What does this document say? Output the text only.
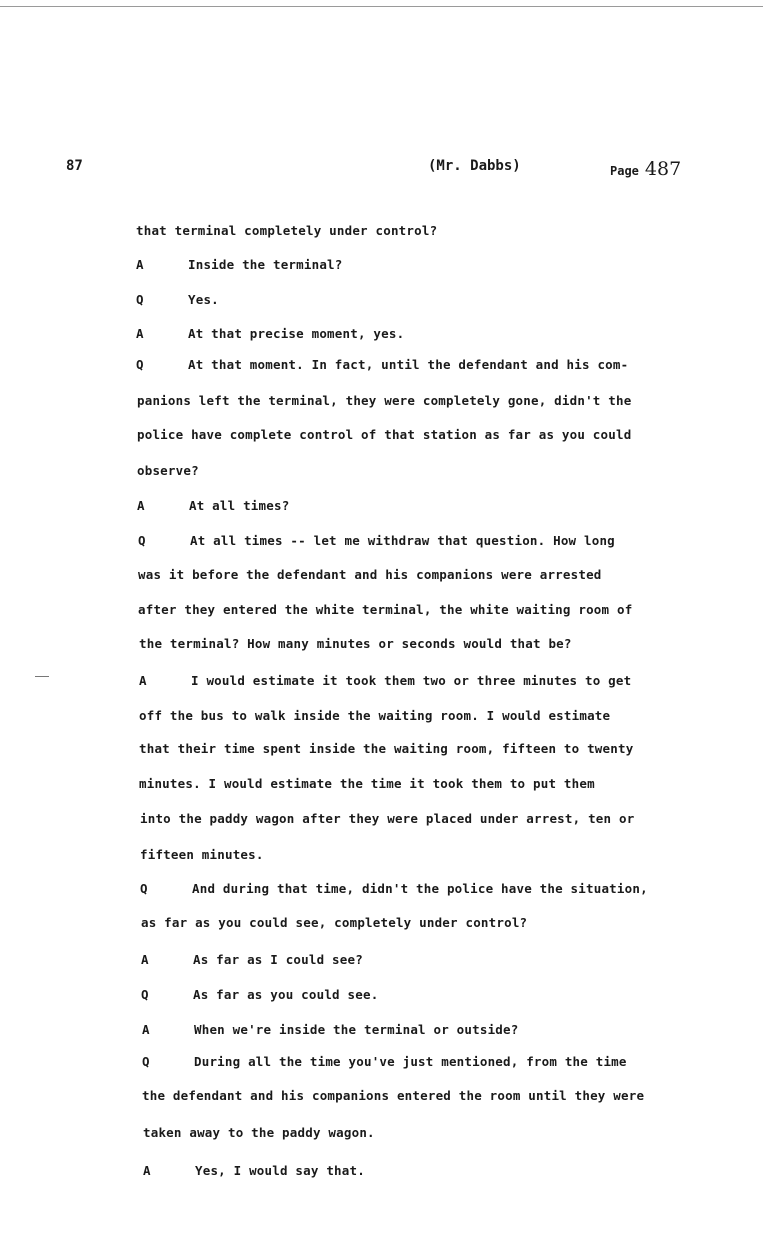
87	(Mr. Dabbs)	Page 487
that terminal completely under control?
A	Inside the terminal?
Q	Yes.
A	At that precise moment, yes.
Q	At that moment. In fact, until the defendant and his com-
panions left the terminal, they were completely gone, didn't the
police have complete control of that station as far as you could
observe?
A	At all times?
Q	At all times -- let me withdraw that question. How long
was it before the defendant and his companions were arrested
after they entered the white terminal, the white waiting room of
the terminal? How many minutes or seconds would that be?
A	I would estimate it took them two or three minutes to get
off the bus to walk inside the waiting room. I would estimate
that their time spent inside the waiting room, fifteen to twenty
minutes. I would estimate the time it took them to put them
into the paddy wagon after they were placed under arrest, ten or
fifteen minutes.
Q	And during that time, didn't the police have the situation,
as far as you could see, completely under control?
A	As far as I could see?
Q	As far as you could see.
A	When we're inside the terminal or outside?
Q	During all the time you've just mentioned, from the time
the defendant and his companions entered the room until they were
taken away to the paddy wagon.
A	Yes, I would say that.
